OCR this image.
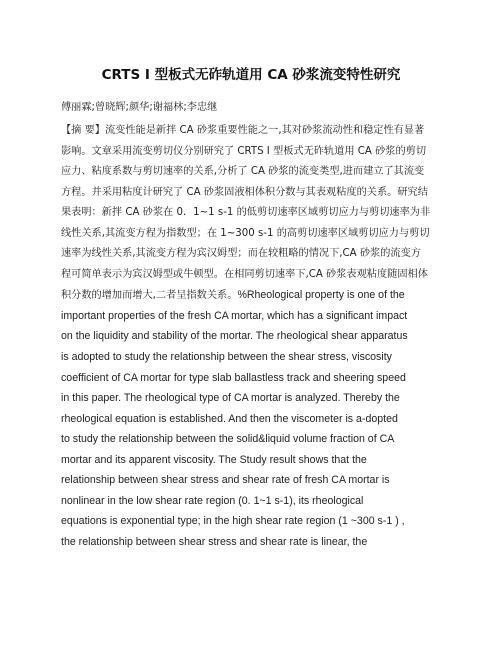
CRTS I 型板式无砟轨道用 CA 砂浆流变特性研究
傅丽霖;曾晓辉;颜华;谢福林;李忠继
【摘 要】流变性能是新拌 CA 砂浆重要性能之一,其对砂浆流动性和稳定性有显著
影响。文章采用流变剪切仪分别研究了 CRTS I 型板式无砟轨道用 CA 砂浆的剪切
应力、粘度系数与剪切速率的关系,分析了 CA 砂浆的流变类型,进而建立了其流变
方程。并采用粘度计研究了 CA 砂浆固液相体积分数与其表观粘度的关系。研究结
果表明：新拌 CA 砂浆在 0．1~1 s-1 的低剪切速率区域剪切应力与剪切速率为非
线性关系,其流变方程为指数型；在 1~300 s-1 的高剪切速率区域剪切应力与剪切
速率为线性关系,其流变方程为宾汉姆型；而在较粗略的情况下,CA 砂浆的流变方
程可简单表示为宾汉姆型或牛顿型。在相同剪切速率下,CA 砂浆表观粘度随固相体
积分数的增加而增大,二者呈指数关系。%Rheological property is one of the
important properties of the fresh CA mortar, which has a significant impact
on the liquidity and stability of the mortar. The rheological shear apparatus
is adopted to study the relationship between the shear stress, viscosity
coefficient of CA mortar for type slab ballastless track and sheering speed
in this paper. The rheological type of CA mortar is analyzed. Thereby the
rheological equation is established. And then the viscometer is a-dopted
to study the relationship between the solid&liquid volume fraction of CA
mortar and its apparent viscosity. The Study result shows that the
relationship between shear stress and shear rate of fresh CA mortar is
nonlinear in the low shear rate region (0. 1~1 s-1), its rheological
equations is exponential type; in the high shear rate region (1 ~300 s-1 ) ,
the relationship between shear stress and shear rate is linear, the
